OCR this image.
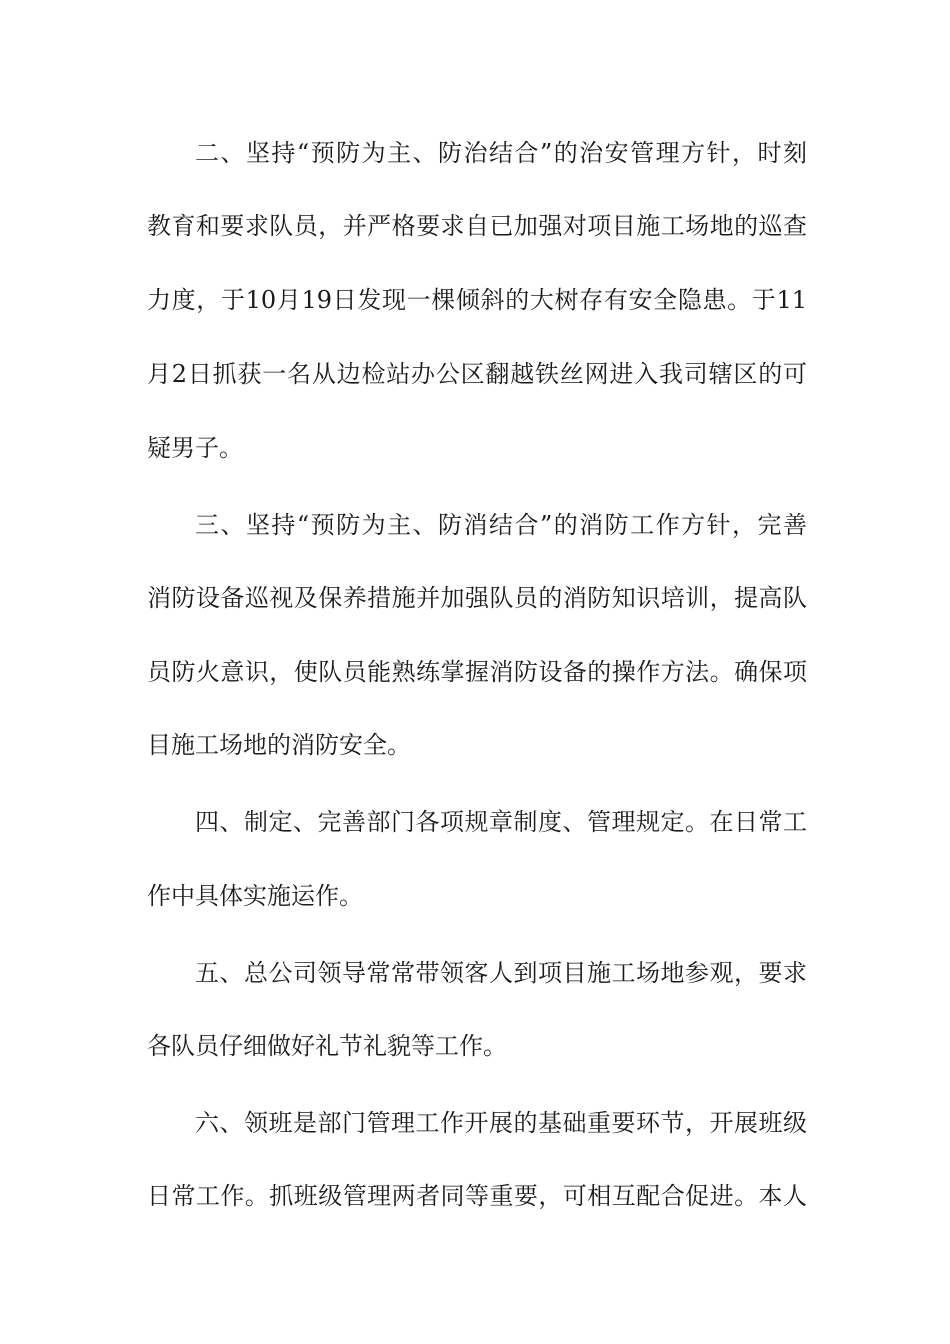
二、坚持“预防为主、防治结合”的治安管理方针，时刻
教育和要求队员，并严格要求自已加强对项目施工场地的巡查
力度，于10月19日发现一棵倾斜的大树存有安全隐患。于11
月2日抓获一名从边检站办公区翻越铁丝网进入我司辖区的可
疑男子。
三、坚持“预防为主、防消结合”的消防工作方针，完善
消防设备巡视及保养措施并加强队员的消防知识培训，提高队
员防火意识，使队员能熟练掌握消防设备的操作方法。确保项
目施工场地的消防安全。
四、制定、完善部门各项规章制度、管理规定。在日常工
作中具体实施运作。
五、总公司领导常常带领客人到项目施工场地参观，要求
各队员仔细做好礼节礼貌等工作。
六、领班是部门管理工作开展的基础重要环节，开展班级
日常工作。抓班级管理两者同等重要，可相互配合促进。本人
